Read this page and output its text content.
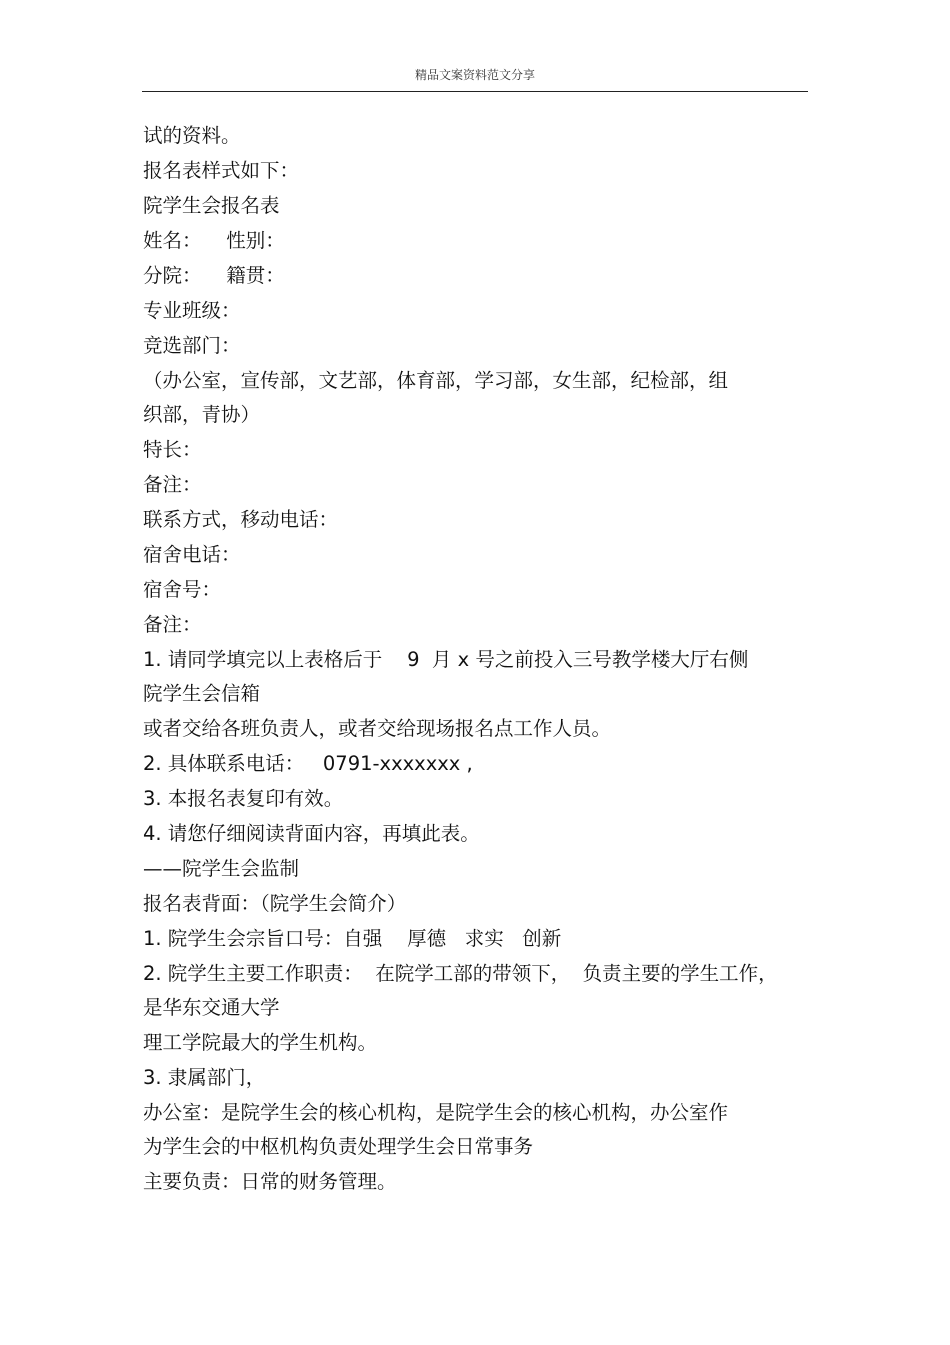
精品文案资料范文分享
试的资料。
报名表样式如下：
院学生会报名表
姓名：    性别：
分院：    籍贯：
专业班级：
竞选部门：
（办公室，宣传部，文艺部，体育部，学习部，女生部，纪检部，组
织部，青协）
特长：
备注：
联系方式，移动电话：
宿舍电话：
宿舍号：
备注：
1. 请同学填完以上表格后于    9  月 x 号之前投入三号教学楼大厅右侧
院学生会信箱
或者交给各班负责人，或者交给现场报名点工作人员。
2. 具体联系电话：   0791-xxxxxxx ,
3. 本报名表复印有效。
4. 请您仔细阅读背面内容，再填此表。
——院学生会监制
报名表背面：（院学生会简介）
1. 院学生会宗旨口号：自强    厚德   求实   创新
2. 院学生主要工作职责：  在院学工部的带领下，  负责主要的学生工作，
是华东交通大学
理工学院最大的学生机构。
3. 隶属部门，
办公室：是院学生会的核心机构，是院学生会的核心机构，办公室作
为学生会的中枢机构负责处理学生会日常事务
主要负责：日常的财务管理。
